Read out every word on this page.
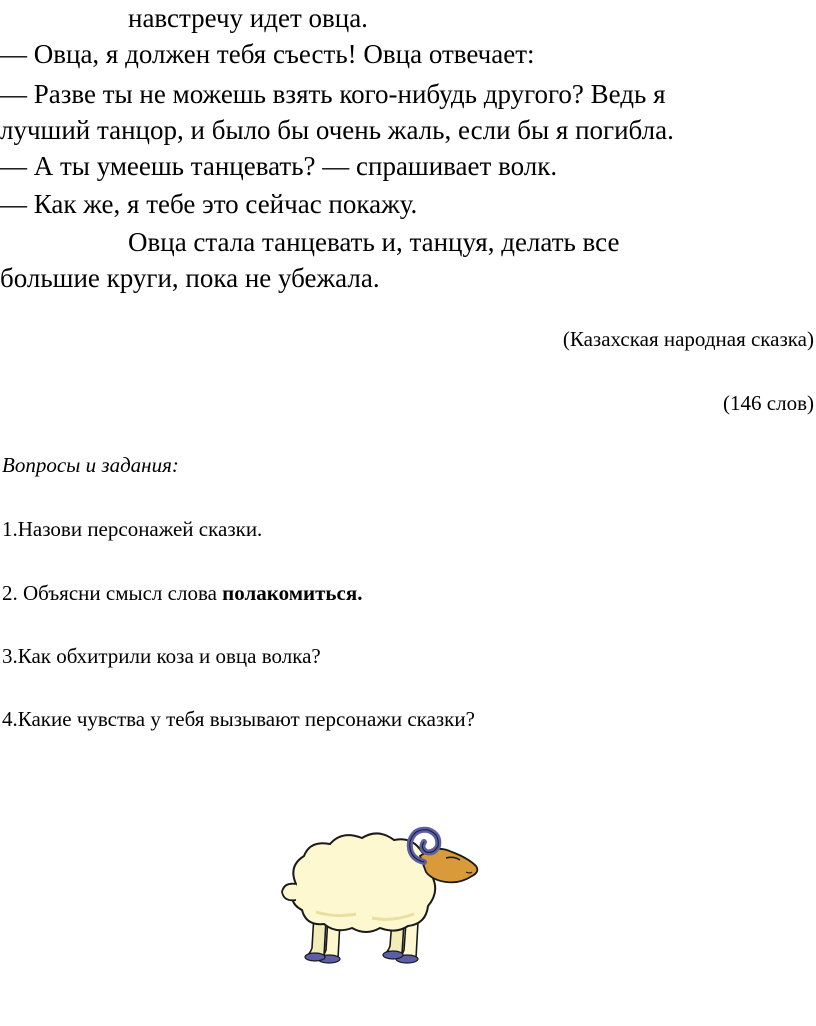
навстречу идет овца.
— Овца, я должен тебя съесть! Овца отвечает:
— Разве ты не можешь взять кого-нибудь другого? Ведь я
лучший танцор, и было бы очень жаль, если бы я погибла.
— А ты умеешь танцевать? — спрашивает волк.
— Как же, я тебе это сейчас покажу.
Овца стала танцевать и, танцуя, делать все
большие круги, пока не убежала.
(Казахская народная сказка)
(146 слов)
Вопросы и задания:
1.Назови персонажей сказки.
2. Объясни смысл слова полакомиться.
3.Как обхитрили коза и овца волка?
4.Какие чувства у тебя вызывают персонажи сказки?
